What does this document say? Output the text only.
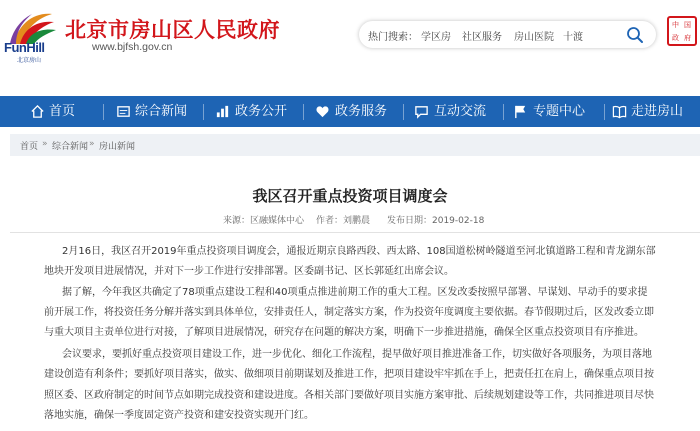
FunHill
北京房山
北京市房山区人民政府
www.bjfsh.gov.cn
热门搜索： 学区房 社区服务 房山医院 十渡
中 国
政 府
首页	综合新闻	政务公开	政务服务	互动交流	专题中心	走进房山
首页 » 综合新闻 » 房山新闻
我区召开重点投资项目调度会
来源：区融媒体中心 作者：刘鹏晨 发布日期：2019-02-18
2月16日，我区召开2019年重点投资项目调度会，通报近期京良路西段、西太路、108国道松树岭隧道至河北镇道路工程和青龙湖东部
地块开发项目进展情况，并对下一步工作进行安排部署。区委副书记、区长郭延红出席会议。
据了解，今年我区共确定了78项重点建设工程和40项重点推进前期工作的重大工程。区发改委按照早部署、早谋划、早动手的要求提
前开展工作，将投资任务分解并落实到具体单位，安排责任人，制定落实方案，作为投资年度调度主要依据。春节假期过后，区发改委立即
与重大项目主责单位进行对接，了解项目进展情况，研究存在问题的解决方案，明确下一步推进措施，确保全区重点投资项目有序推进。
会议要求，要抓好重点投资项目建设工作，进一步优化、细化工作流程，提早做好项目推进准备工作，切实做好各项服务，为项目落地
建设创造有利条件；要抓好项目落实，做实、做细项目前期谋划及推进工作，把项目建设牢牢抓在手上，把责任扛在肩上，确保重点项目按
照区委、区政府制定的时间节点如期完成投资和建设进度。各相关部门要做好项目实施方案审批、后续规划建设等工作，共同推进项目尽快
落地实施，确保一季度固定资产投资和建安投资实现开门红。
